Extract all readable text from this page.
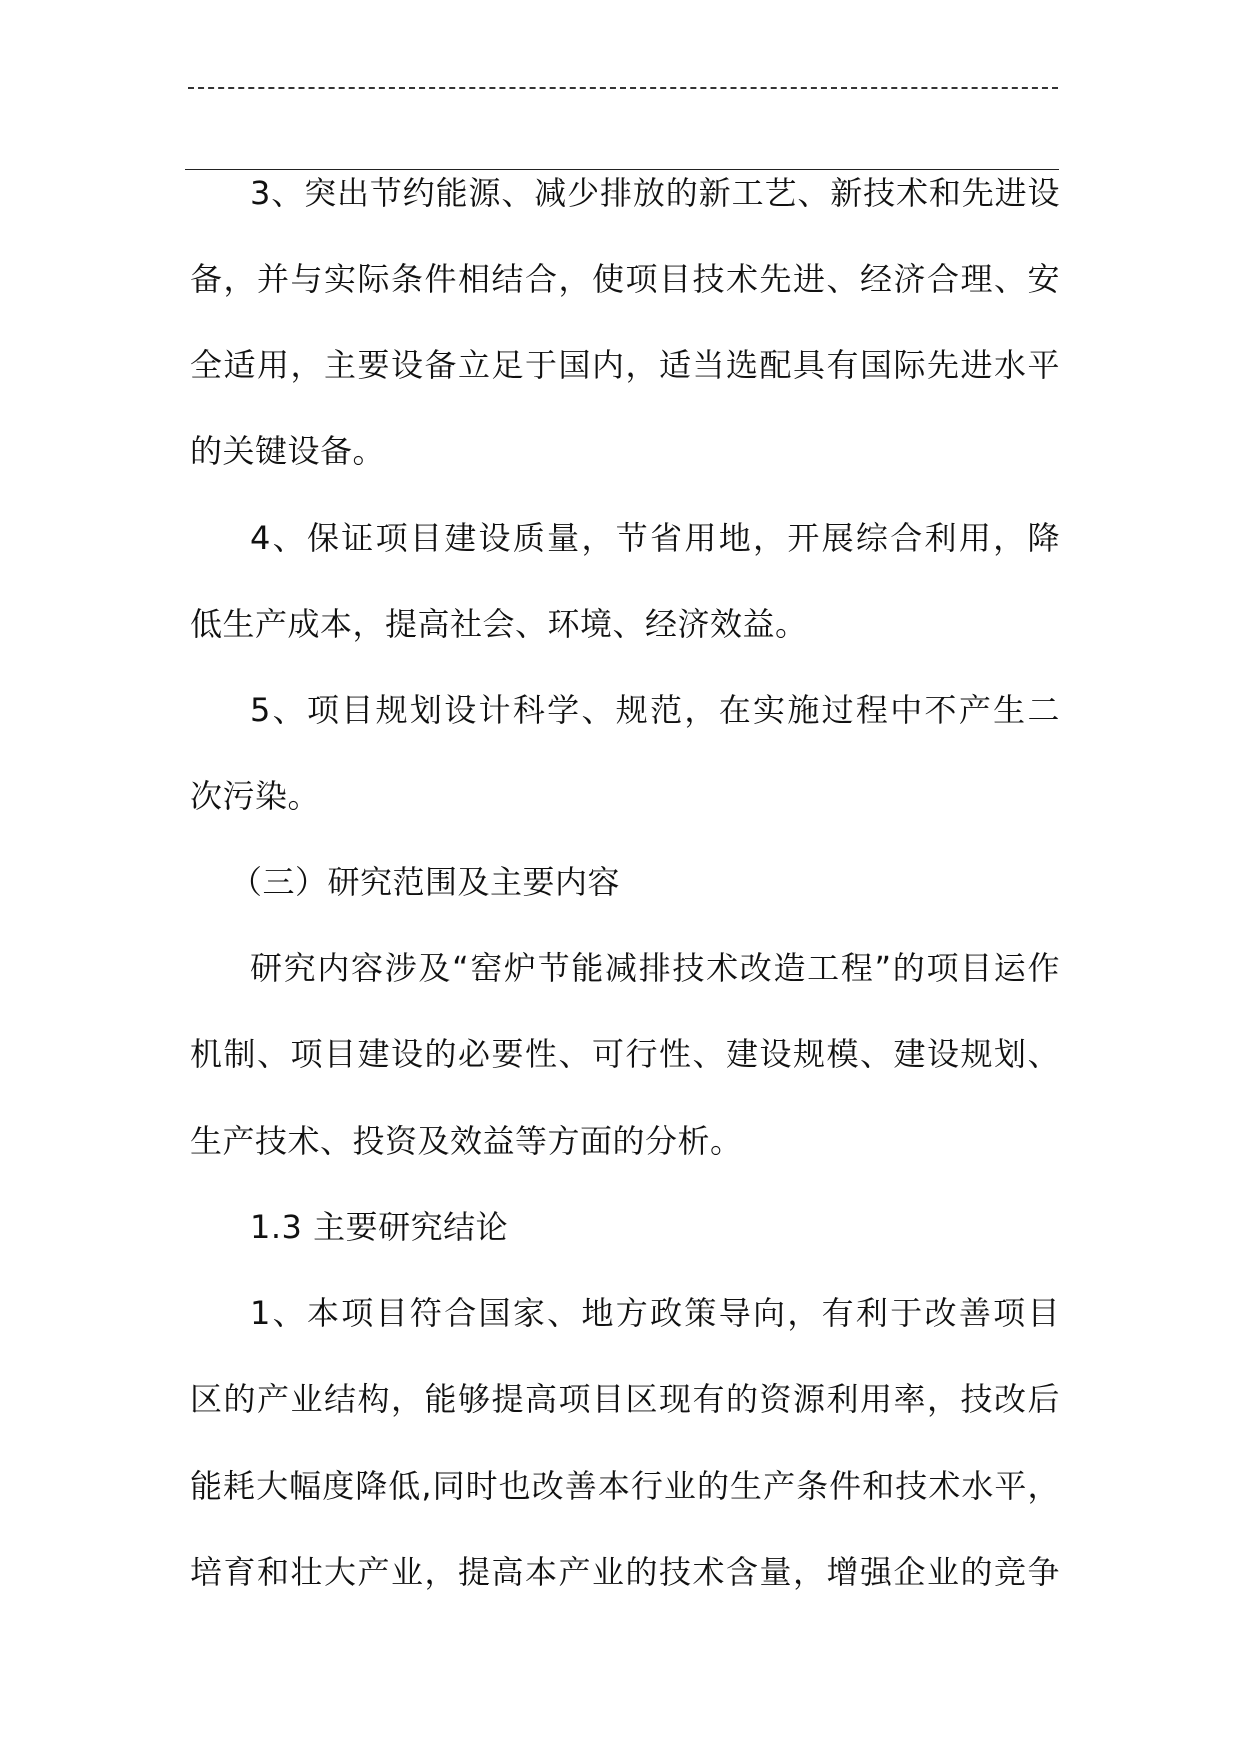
3、突出节约能源、减少排放的新工艺、新技术和先进设
备，并与实际条件相结合，使项目技术先进、经济合理、安
全适用，主要设备立足于国内，适当选配具有国际先进水平
的关键设备。
4、保证项目建设质量，节省用地，开展综合利用，降
低生产成本，提高社会、环境、经济效益。
5、项目规划设计科学、规范，在实施过程中不产生二
次污染。
（三）研究范围及主要内容
研究内容涉及“窑炉节能减排技术改造工程”的项目运作
机制、项目建设的必要性、可行性、建设规模、建设规划、
生产技术、投资及效益等方面的分析。
1.3 主要研究结论
1、本项目符合国家、地方政策导向，有利于改善项目
区的产业结构，能够提高项目区现有的资源利用率，技改后
能耗大幅度降低,同时也改善本行业的生产条件和技术水平，
培育和壮大产业，提高本产业的技术含量，增强企业的竞争
